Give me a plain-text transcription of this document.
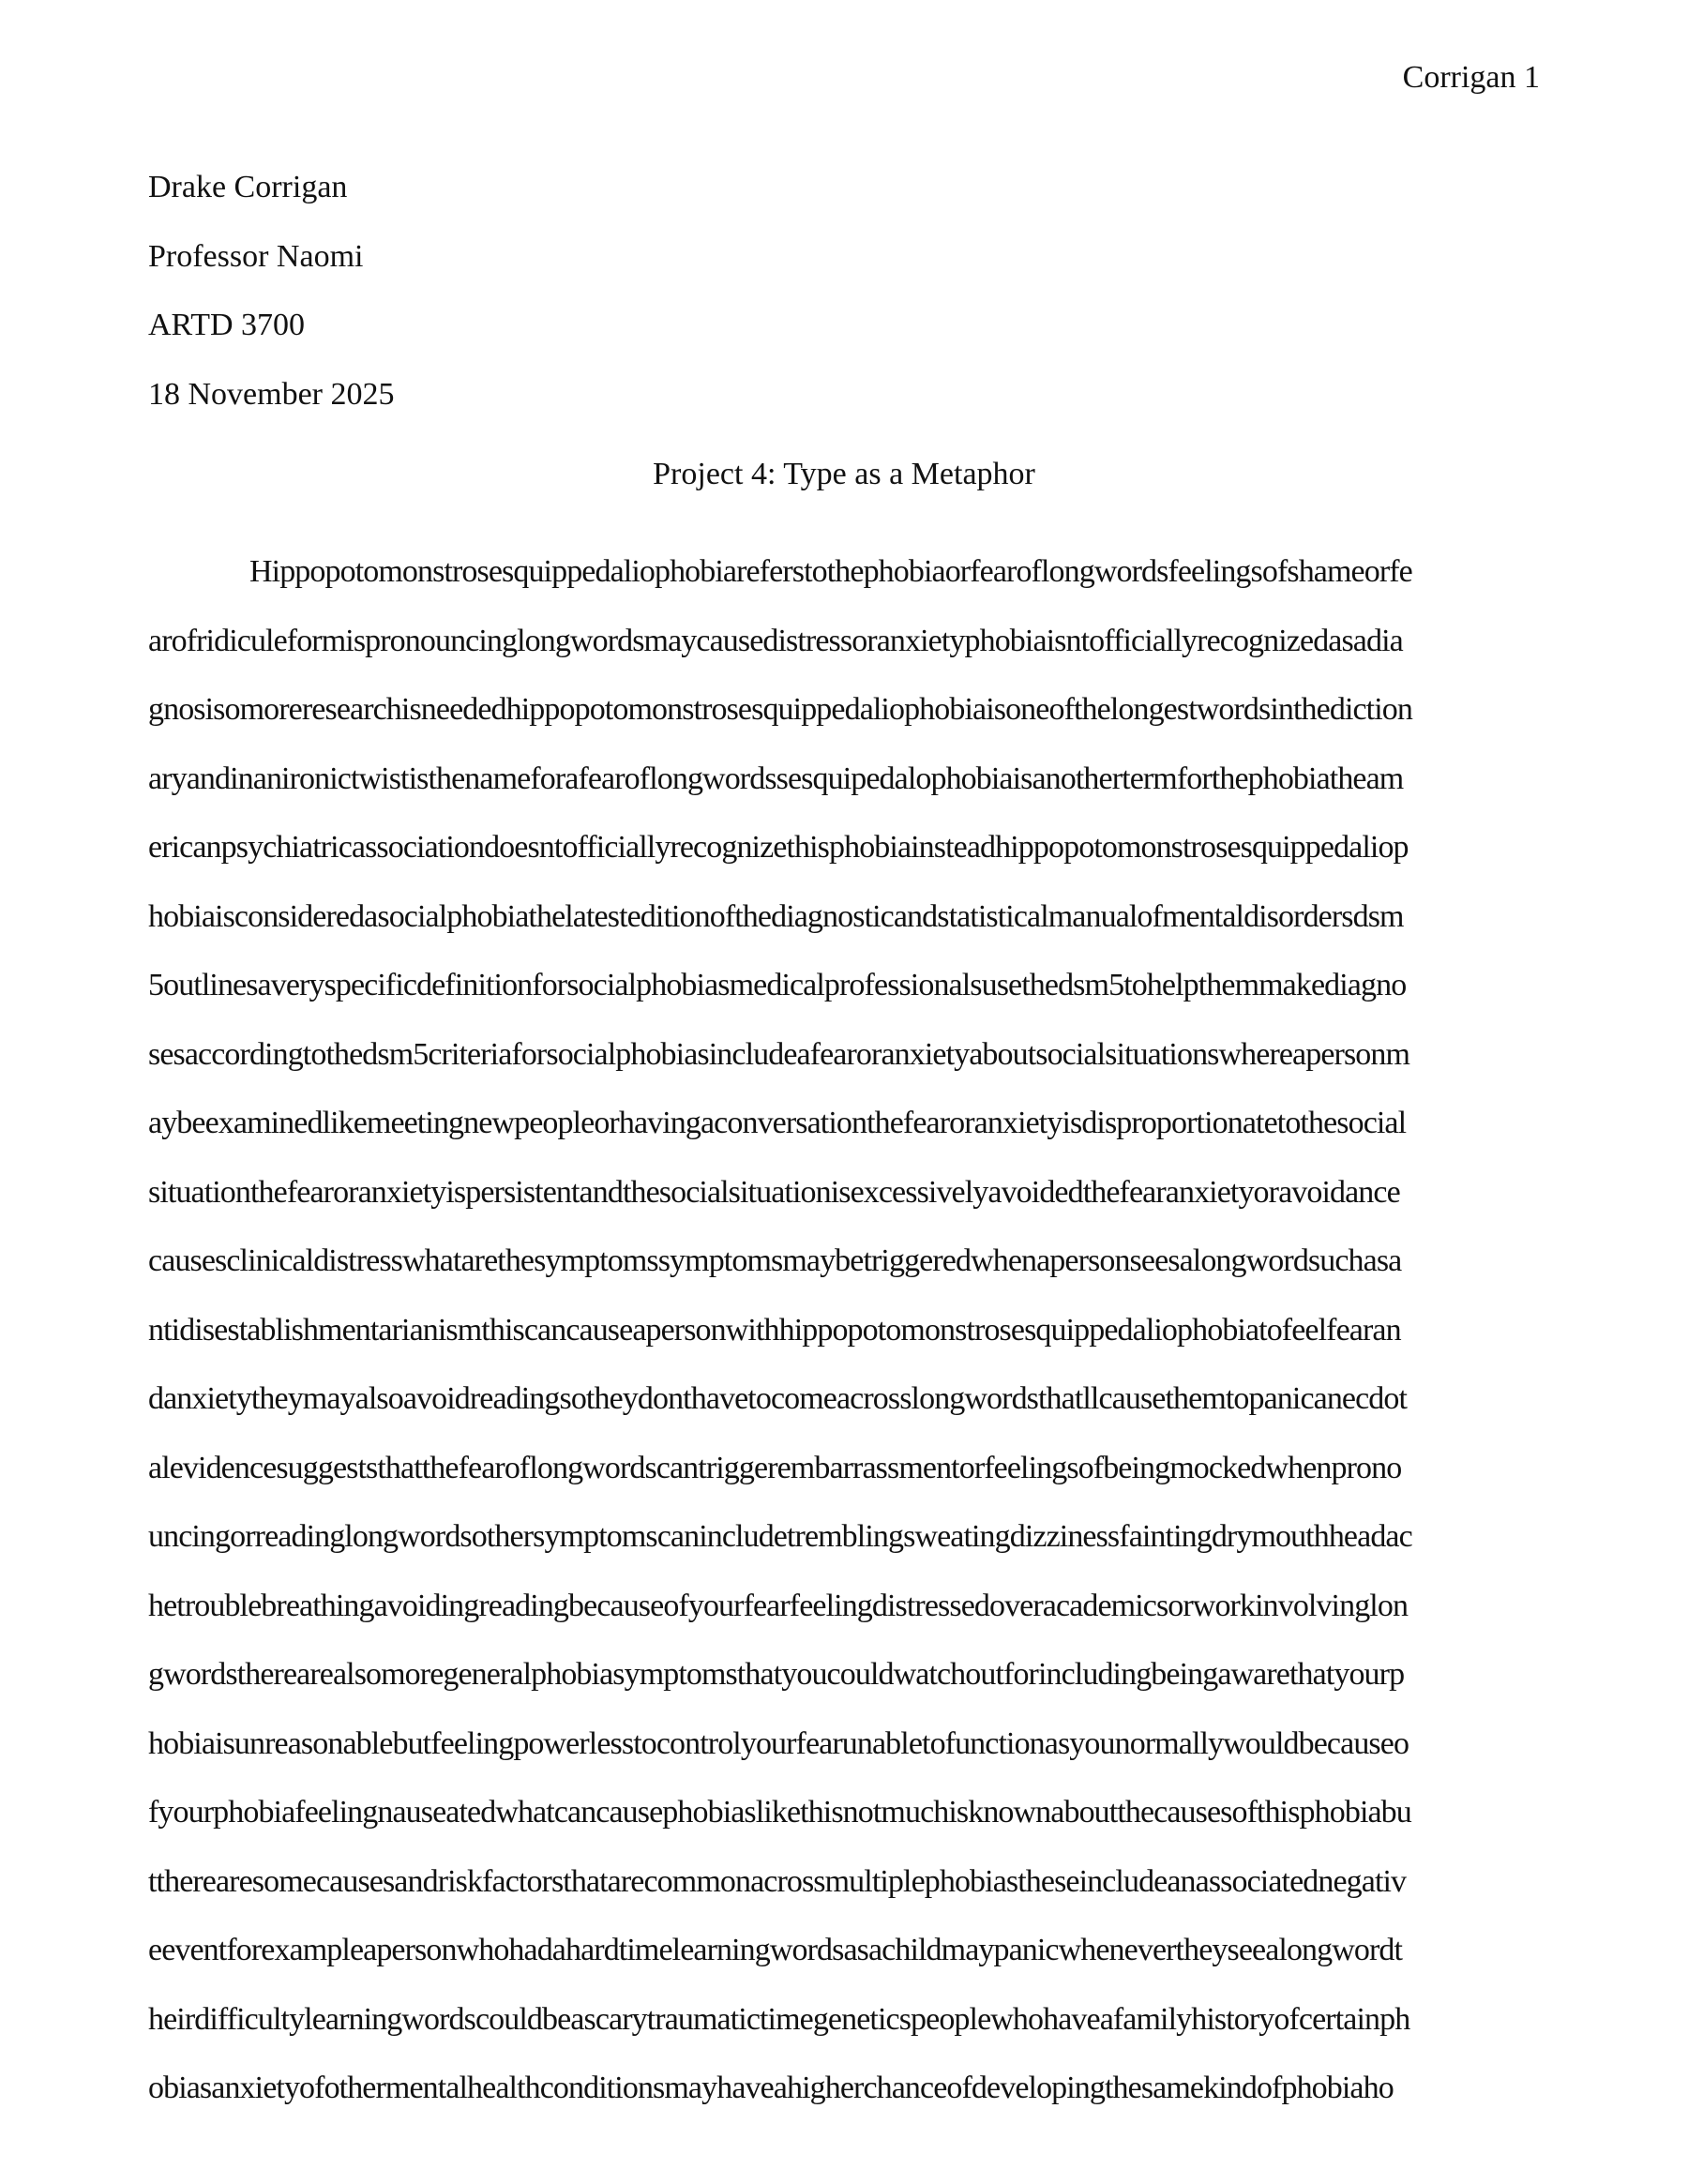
Corrigan 1
Drake Corrigan
Professor Naomi
ARTD 3700
18 November 2025
Project 4: Type as a Metaphor
Hippopotomonstrosesquippedaliophobiareferstothephobiaorfearoflongwordsfeelingsofshameorfe
arofridiculeformispronouncinglongwordsmaycausedistressoranxietyphobiaisntofficiallyrecognizedasadia
gnosisomoreresearchisneededhippopotomonstrosesquippedaliophobiaisoneofthelongestwordsinthediction
aryandinanironictwististhenameforafearoflongwordssesquipedalophobiaisanothertermforthephobiatheam
ericanpsychiatricassociationdoesntofficiallyrecognizethisphobiainsteadhippopotomonstrosesquippedaliop
hobiaisconsideredasocialphobiathelatesteditionofthediagnosticandstatisticalmanualofmentaldisordersdsm
5outlinesaveryspecificdefinitionforsocialphobiasmedicalprofessionalsusethedsm5tohelpthemmakediagno
sesaccordingtothedsm5criteriaforsocialphobiasincludeafearoranxietyaboutsocialsituationswhereapersonm
aybeexaminedlikemeetingnewpeopleorhavingaconversationthefearoranxietyisdisproportionatetothesocial
situationthefearoranxietyispersistentandthesocialsituationisexcessivelyavoidedthefearanxietyoravoidance
causesclinicaldistresswhatarethesymptomssymptomsmaybetriggeredwhenapersonseesalongwordsuchasa
ntidisestablishmentarianismthiscancauseapersonwithhippopotomonstrosesquippedaliophobiatofeelfearan
danxietytheymayalsoavoidreadingsotheydonthavetocomeacrosslongwordsthatllcausethemtopanicanecdot
alevidencesuggeststhatthefearoflongwordscantriggerembarrassmentorfeelingsofbeingmockedwhenprono
uncingorreadinglongwordsothersymptomscanincludetremblingsweatingdizzinessfaintingdrymouthheadac
hetroublebreathingavoidingreadingbecauseofyourfearfeelingdistressedoveracademicsorworkinvolvinglon
gwordstherearealsomoregeneralphobiasymptomsthatyoucouldwatchoutforincludingbeingawarethatyourp
hobiaisunreasonablebutfeelingpowerlesstocontrolyourfearunabletofunctionasyounormallywouldbecauseo
fyourphobiafeelingnauseatedwhatcancausephobiaslikethisnotmuchisknownaboutthecausesofthisphobiabu
ttherearesomecausesandriskfactorsthatarecommonacrossmultiplephobiastheseincludeanassociatednegativ
eeventforexampleapersonwhohadahardtimelearningwordsasachildmaypanicwhenevertheyseealongwordt
heirdifficultylearningwordscouldbeascarytraumatictimegeneticspeoplewhohaveafamilyhistoryofcertainph
obiasanxietyofothermentalhealthconditionsmayhaveahigherchanceofdevelopingthesamekindofphobiaho
